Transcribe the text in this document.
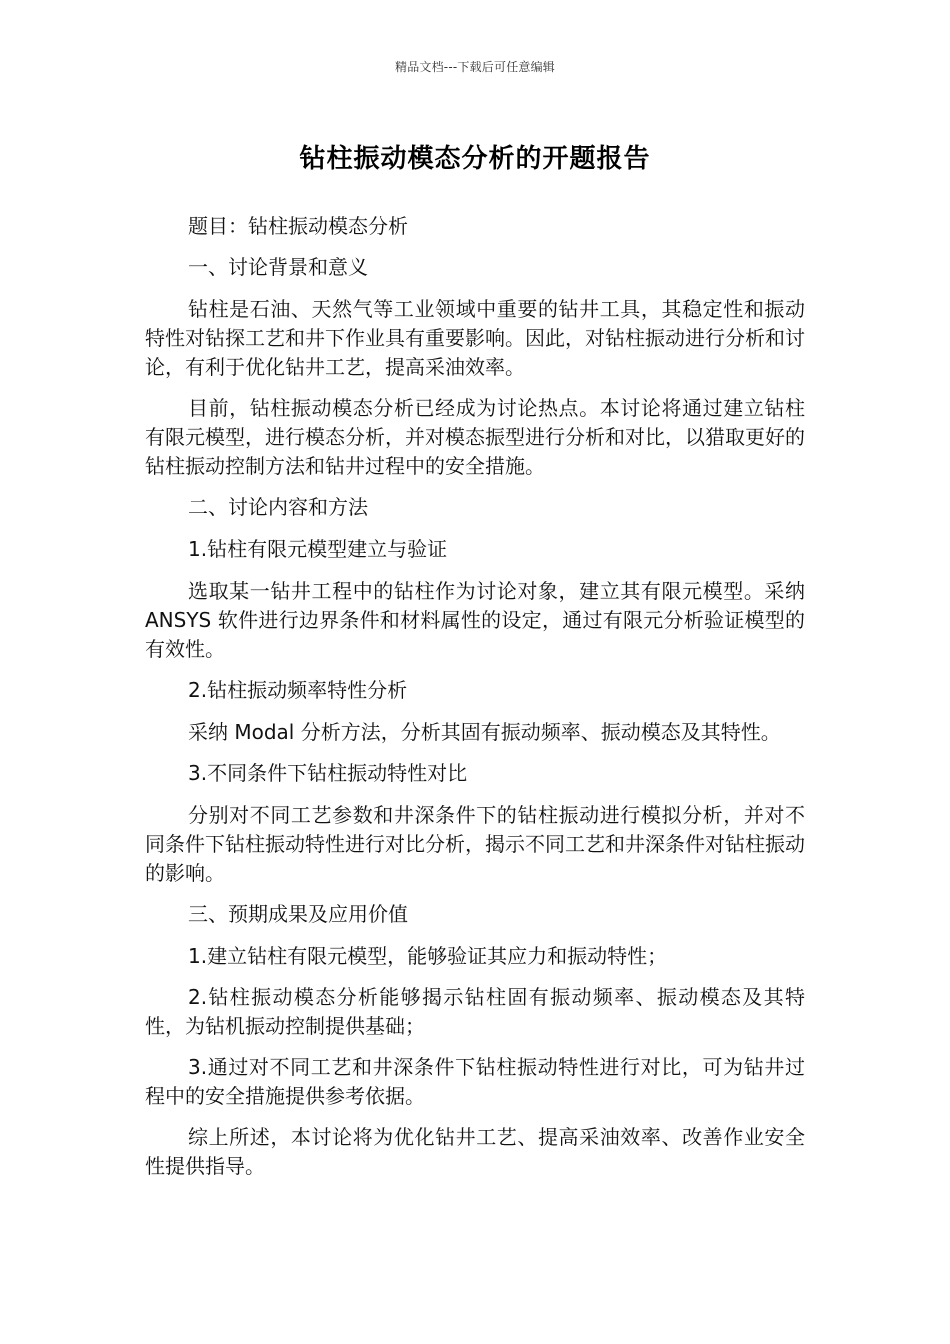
精品文档---下载后可任意编辑
钻柱振动模态分析的开题报告

题目：钻柱振动模态分析

一、讨论背景和意义

钻柱是石油、天然气等工业领域中重要的钻井工具，其稳定性和振动特性对钻探工艺和井下作业具有重要影响。因此，对钻柱振动进行分析和讨论，有利于优化钻井工艺，提高采油效率。

目前，钻柱振动模态分析已经成为讨论热点。本讨论将通过建立钻柱有限元模型，进行模态分析，并对模态振型进行分析和对比，以猎取更好的钻柱振动控制方法和钻井过程中的安全措施。

二、讨论内容和方法

1.钻柱有限元模型建立与验证

选取某一钻井工程中的钻柱作为讨论对象，建立其有限元模型。采纳 ANSYS 软件进行边界条件和材料属性的设定，通过有限元分析验证模型的有效性。

2.钻柱振动频率特性分析

采纳 Modal 分析方法，分析其固有振动频率、振动模态及其特性。

3.不同条件下钻柱振动特性对比

分别对不同工艺参数和井深条件下的钻柱振动进行模拟分析，并对不同条件下钻柱振动特性进行对比分析，揭示不同工艺和井深条件对钻柱振动的影响。

三、预期成果及应用价值

1.建立钻柱有限元模型，能够验证其应力和振动特性；

2.钻柱振动模态分析能够揭示钻柱固有振动频率、振动模态及其特性，为钻机振动控制提供基础；

3.通过对不同工艺和井深条件下钻柱振动特性进行对比，可为钻井过程中的安全措施提供参考依据。

综上所述，本讨论将为优化钻井工艺、提高采油效率、改善作业安全性提供指导。
